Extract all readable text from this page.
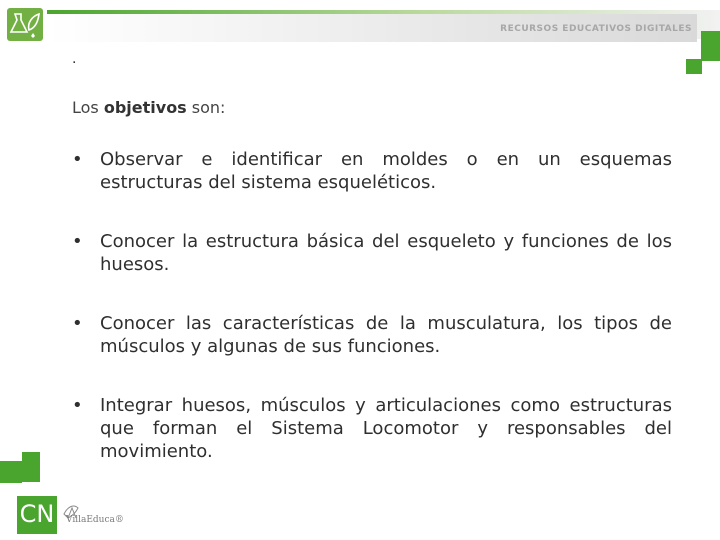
RECURSOS EDUCATIVOS DIGITALES
.
Los objetivos son:
• Observar e identificar en moldes o en un esquemas estructuras del sistema esqueléticos.
• Conocer la estructura básica del esqueleto y funciones de los huesos.
• Conocer las características de la musculatura, los tipos de músculos y algunas de sus funciones.
• Integrar huesos, músculos y articulaciones como estructuras que forman el Sistema Locomotor y responsables del movimiento.
CN VillaEduca®
